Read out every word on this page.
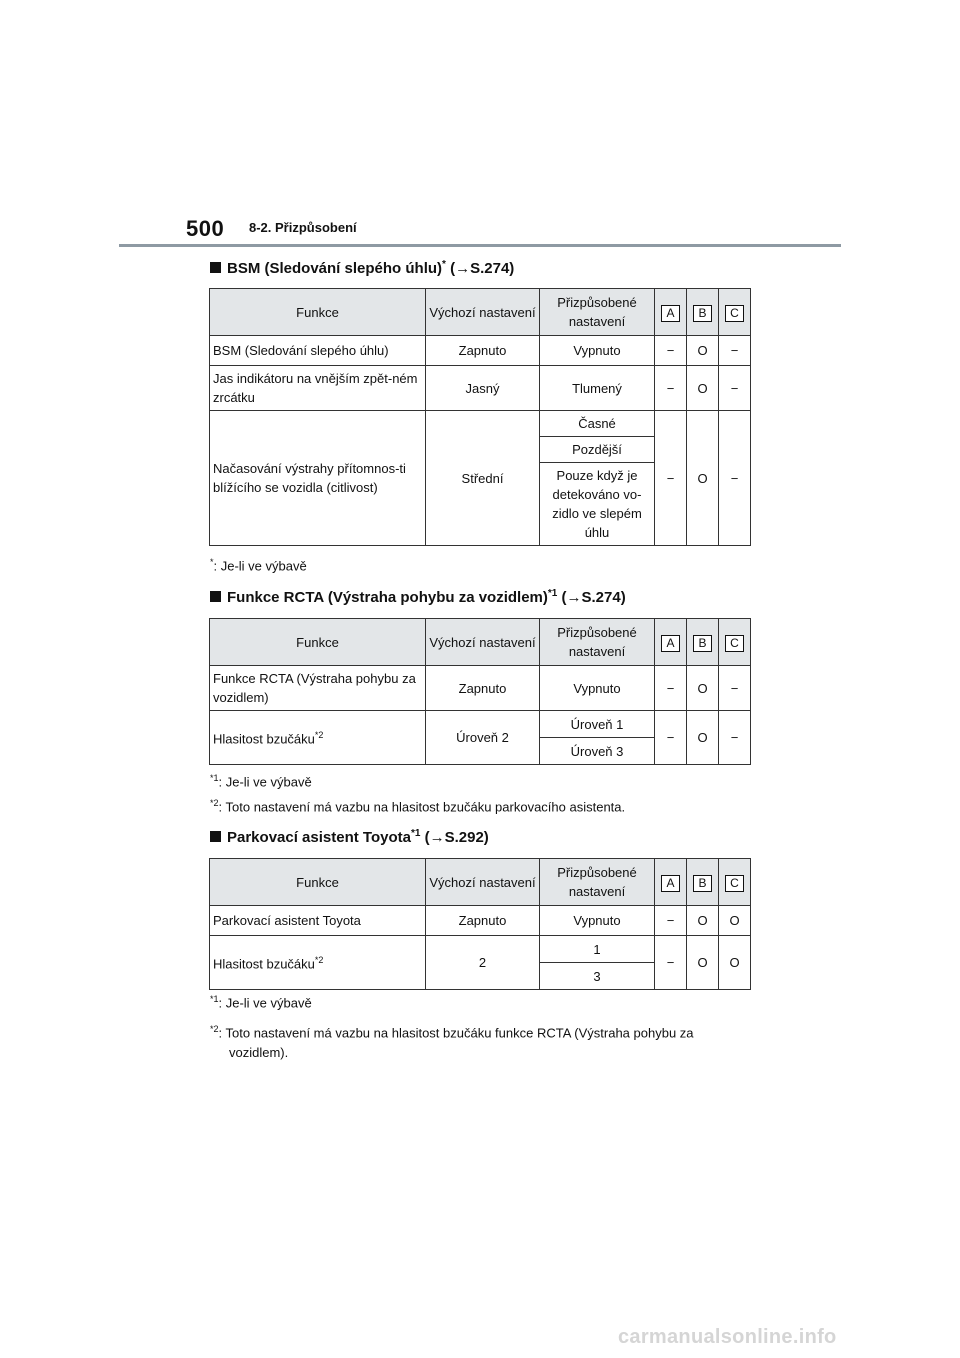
500 8-2. Přizpůsobení
BSM (Sledování slepého úhlu)* (→S.274)
Funkce	Výchozí nastavení	Přizpůsobené nastavení	A	B	C
BSM (Sledování slepého úhlu)	Zapnuto	Vypnuto	−	O	−
Jas indikátoru na vnějším zpět-ném zrcátku	Jasný	Tlumený	−	O	−
Načasování výstrahy přítomnos-ti blížícího se vozidla (citlivost)	Střední	Časné	−	O	−
		Pozdější			
		Pouze když je detekováno vo-zidlo ve slepém úhlu			
*: Je-li ve výbavě
Funkce RCTA (Výstraha pohybu za vozidlem)$^{*1}$ (→S.274)
Funkce	Výchozí nastavení	Přizpůsobené nastavení	A	B	C
Funkce RCTA (Výstraha pohybu za vozidlem)	Zapnuto	Vypnuto	−	O	−
Hlasitost bzučáku$^{*2}$	Úroveň 2	Úroveň 1	−	O	−
		Úroveň 3			
$^{*1}$: Je-li ve výbavě
$^{*2}$: Toto nastavení má vazbu na hlasitost bzučáku parkovacího asistenta.
Parkovací asistent Toyota$^{*1}$ (→S.292)
Funkce	Výchozí nastavení	Přizpůsobené nastavení	A	B	C
Parkovací asistent Toyota	Zapnuto	Vypnuto	−	O	O
Hlasitost bzučáku$^{*2}$	2	1	−	O	O
		3			
$^{*1}$: Je-li ve výbavě
$^{*2}$: Toto nastavení má vazbu na hlasitost bzučáku funkce RCTA (Výstraha pohybu za
vozidlem).
carmanualsonline.info
